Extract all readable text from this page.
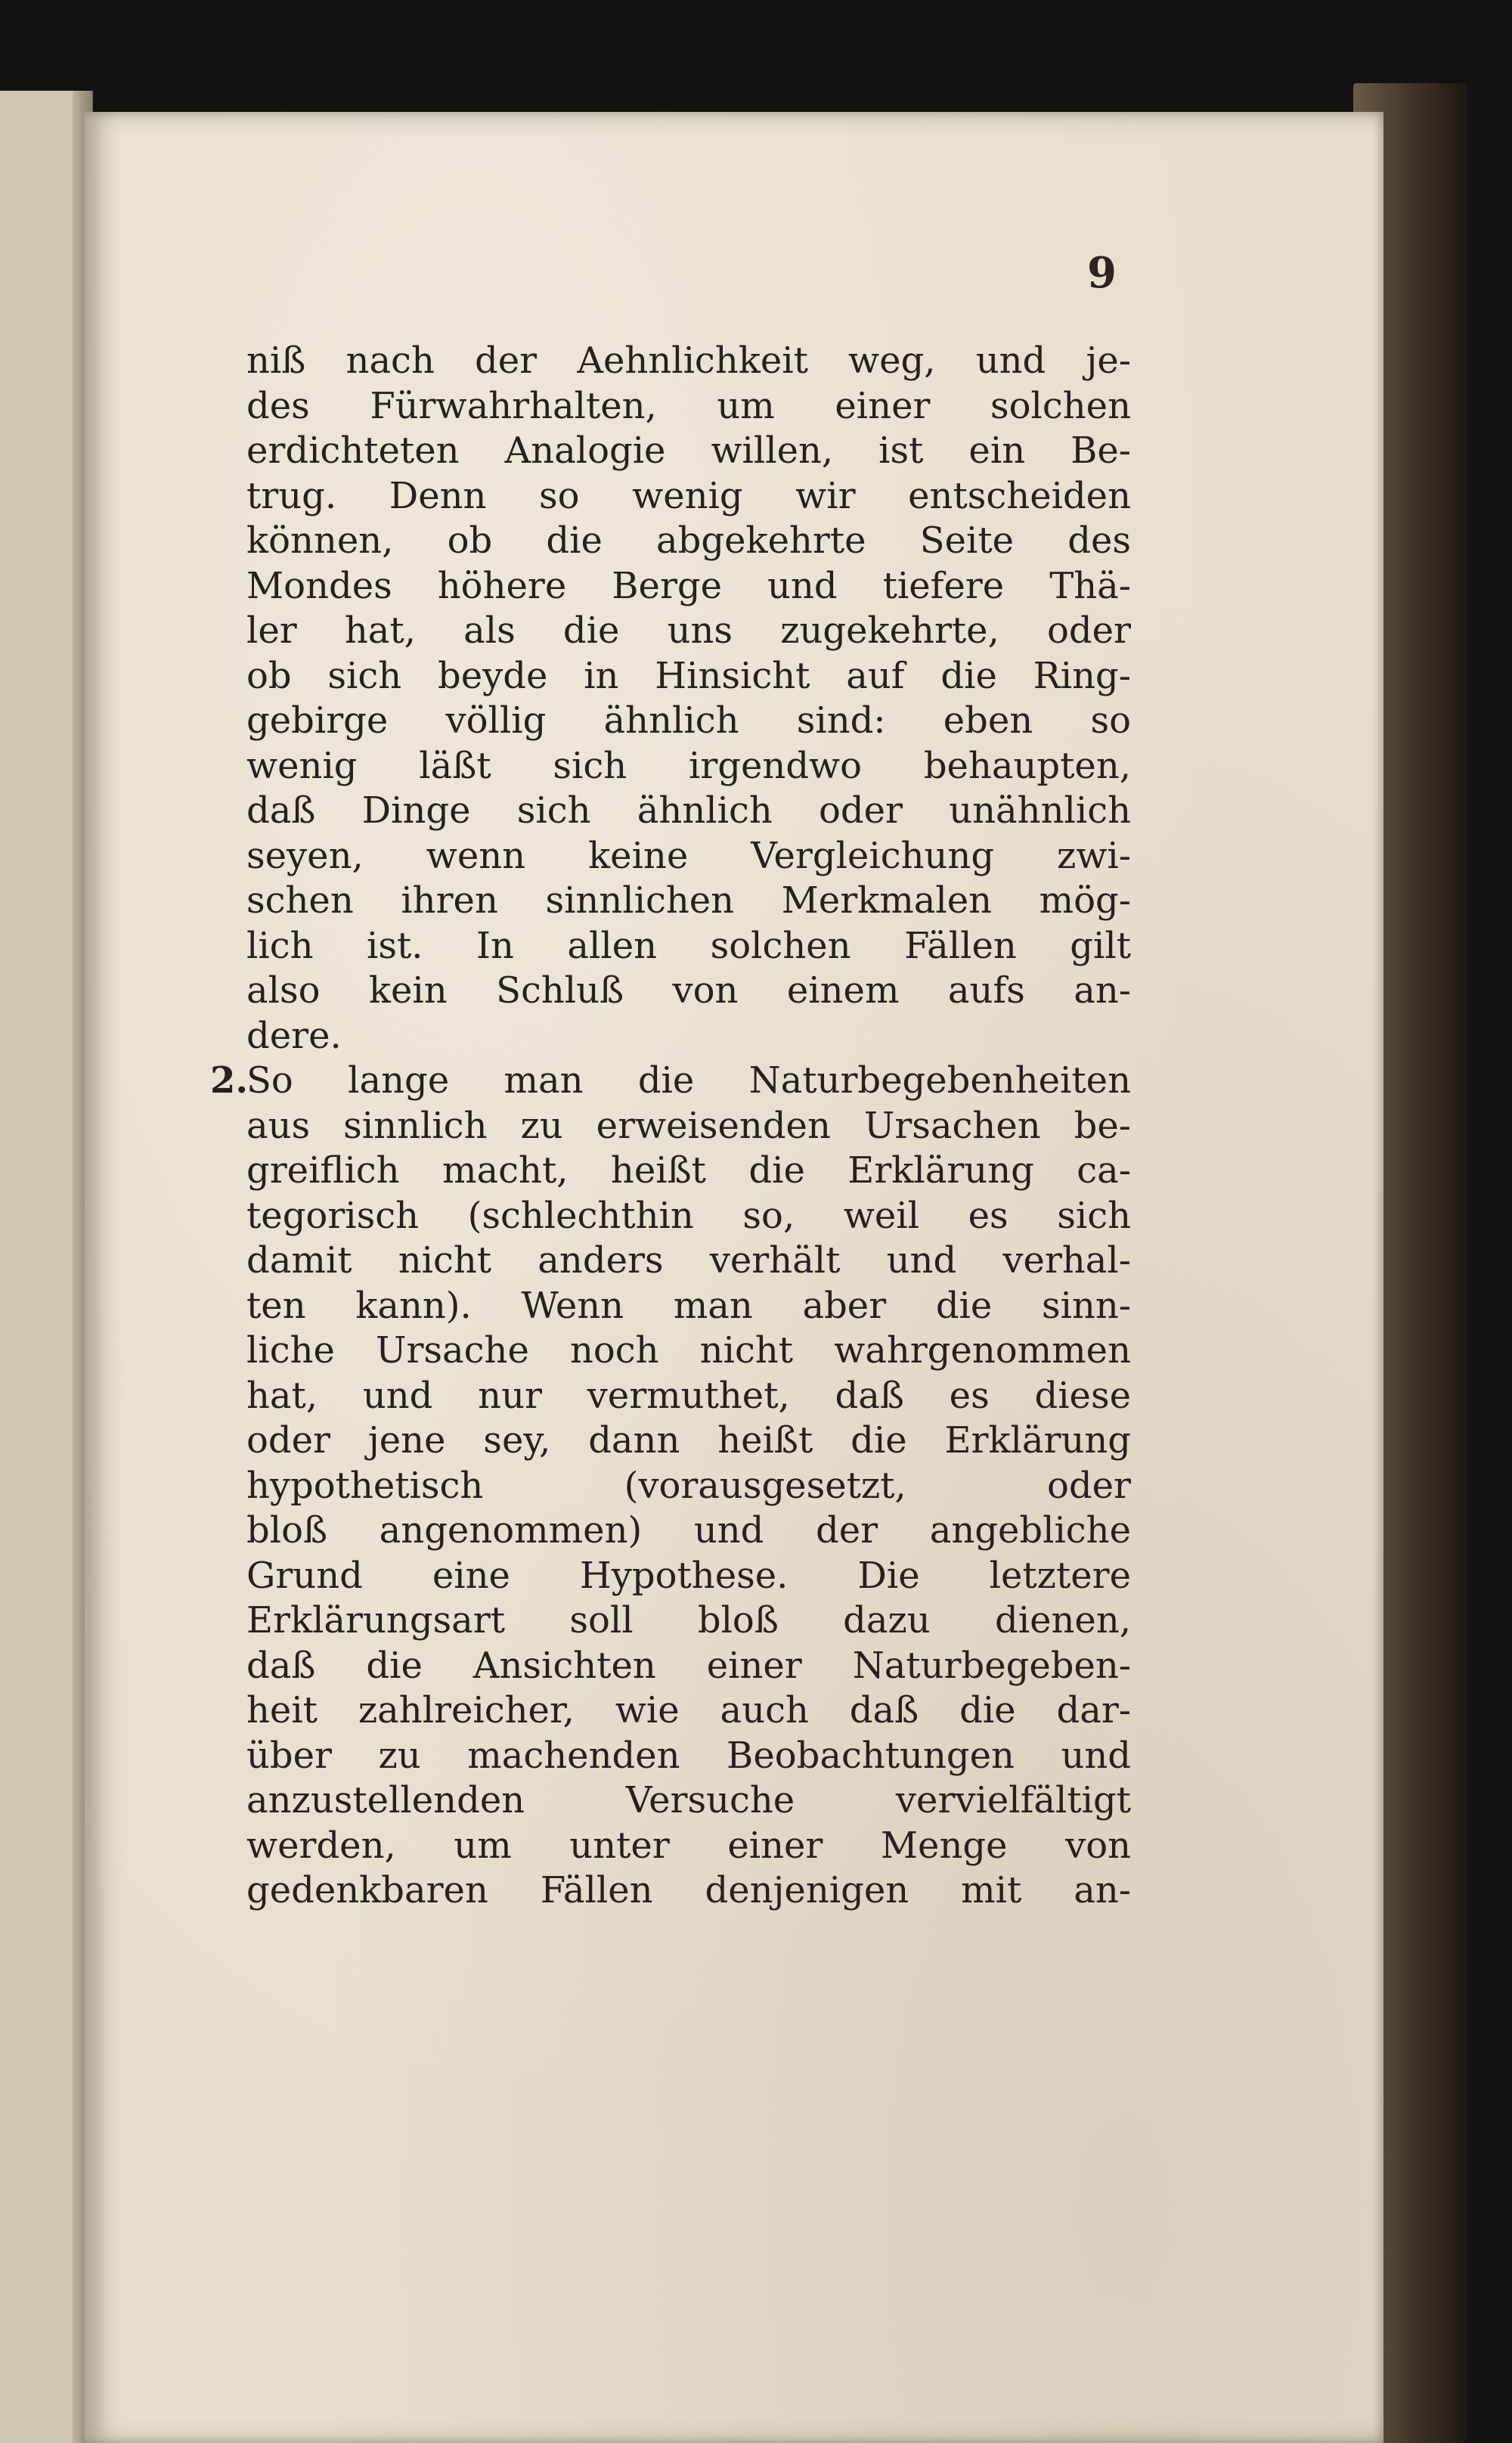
9
niß nach der Aehnlichkeit weg, und je-
des Fürwahrhalten, um einer solchen
erdichteten Analogie willen, ist ein Be-
trug. Denn so wenig wir entscheiden
können, ob die abgekehrte Seite des
Mondes höhere Berge und tiefere Thä-
ler hat, als die uns zugekehrte, oder
ob sich beyde in Hinsicht auf die Ring-
gebirge völlig ähnlich sind: eben so
wenig läßt sich irgendwo behaupten,
daß Dinge sich ähnlich oder unähnlich
seyen, wenn keine Vergleichung zwi-
schen ihren sinnlichen Merkmalen mög-
lich ist. In allen solchen Fällen gilt
also kein Schluß von einem aufs an-
dere.
2.
So lange man die Naturbegebenheiten
aus sinnlich zu erweisenden Ursachen be-
greiflich macht, heißt die Erklärung ca-
tegorisch (schlechthin so, weil es sich
damit nicht anders verhält und verhal-
ten kann). Wenn man aber die sinn-
liche Ursache noch nicht wahrgenommen
hat, und nur vermuthet, daß es diese
oder jene sey, dann heißt die Erklärung
hypothetisch (vorausgesetzt, oder
bloß angenommen) und der angebliche
Grund eine Hypothese. Die letztere
Erklärungsart soll bloß dazu dienen,
daß die Ansichten einer Naturbegeben-
heit zahlreicher, wie auch daß die dar-
über zu machenden Beobachtungen und
anzustellenden Versuche vervielfältigt
werden, um unter einer Menge von
gedenkbaren Fällen denjenigen mit an-
